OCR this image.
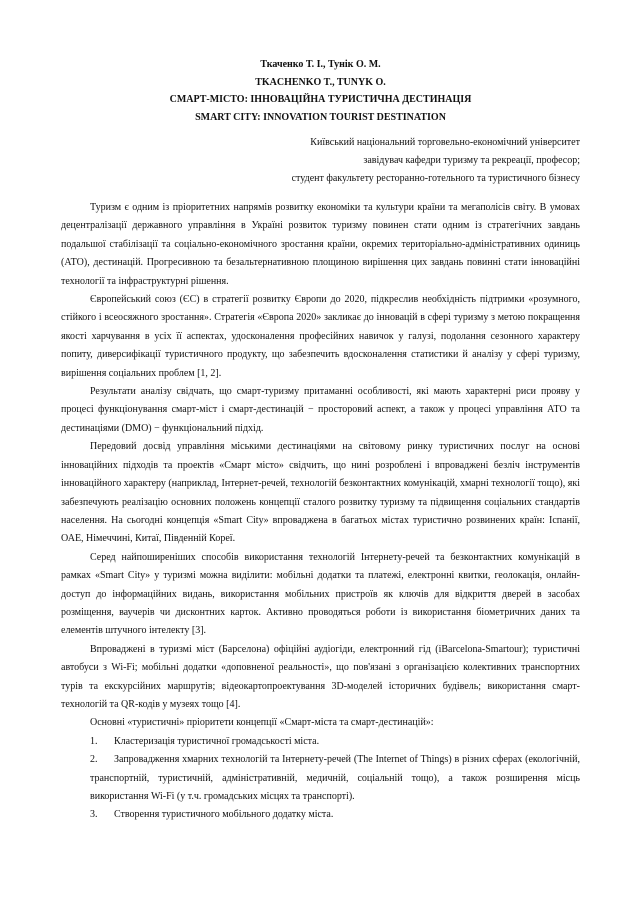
Ткаченко Т. І., Тунік О. М.
TKACHENKO T., TUNYK O.
СМАРТ-МІСТО: ІННОВАЦІЙНА ТУРИСТИЧНА ДЕСТИНАЦІЯ
SMART CITY: INNOVATION TOURIST DESTINATION
Київський національний торговельно-економічний університет
завідувач кафедри туризму та рекреації, професор;
студент факультету ресторанно-готельного та туристичного бізнесу

Туризм є одним із пріоритетних напрямів розвитку економіки та культури країни та мегаполісів світу. В умовах децентралізації державного управління в Україні розвиток туризму повинен стати одним із стратегічних завдань подальшої стабілізації та соціально-економічного зростання країни, окремих територіально-адміністративних одиниць (АТО), дестинацій. Прогресивною та безальтернативною площиною вирішення цих завдань повинні стати інноваційні технології та інфраструктурні рішення.

Європейський союз (ЄС) в стратегії розвитку Європи до 2020, підкреслив необхідність підтримки «розумного, стійкого і всеосяжного зростання». Стратегія «Європа 2020» закликає до інновацій в сфері туризму з метою покращення якості харчування в усіх її аспектах, удосконалення професійних навичок у галузі, подолання сезонного характеру попиту, диверсифікації туристичного продукту, що забезпечить вдосконалення статистики й аналізу у сфері туризму, вирішення соціальних проблем [1, 2].

Результати аналізу свідчать, що смарт-туризму притаманні особливості, які мають характерні риси прояву у процесі функціонування смарт-міст і смарт-дестинацій − просторовий аспект, а також у процесі управління АТО та дестинаціями (DMO) − функціональний підхід.

Передовий досвід управління міськими дестинаціями на світовому ринку туристичних послуг на основі інноваційних підходів та проектів «Смарт місто» свідчить, що нині розроблені і впроваджені безліч інструментів інноваційного характеру (наприклад, Інтернет-речей, технологій безконтактних комунікацій, хмарні технології тощо), які забезпечують реалізацію основних положень концепції сталого розвитку туризму та підвищення соціальних стандартів населення. На сьогодні концепція «Smart City» впроваджена в багатьох містах туристично розвинених країн: Іспанії, ОАЕ, Німеччині, Китаї, Південній Кореї.

Серед найпоширеніших способів використання технологій Інтернету-речей та безконтактних комунікацій в рамках «Smart City» у туризмі можна виділити: мобільні додатки та платежі, електронні квитки, геолокація, онлайн-доступ до інформаційних видань, використання мобільних пристроїв як ключів для відкриття дверей в засобах розміщення, ваучерів чи дисконтних карток. Активно проводяться роботи із використання біометричних даних та елементів штучного інтелекту [3].

Впроваджені в туризмі міст (Барселона) офіційні аудіогіди, електронний гід (iBarcelona-Smartour); туристичні автобуси з Wi-Fi; мобільні додатки «доповненої реальності», що пов'язані з організацією колективних транспортних турів та екскурсійних маршрутів; відеокартопроектування 3D-моделей історичних будівель; використання смарт-технологій та QR-кодів у музеях тощо [4].

Основні «туристичні» пріоритети концепції «Смарт-міста та смарт-дестинацій»:

1. Кластеризація туристичної громадськості міста.

2. Запровадження хмарних технологій та Інтернету-речей (The Internet of Things) в різних сферах (екологічній, транспортній, туристичній, адміністративній, медичній, соціальній тощо), а також розширення місць використання Wi-Fi (у т.ч. громадських місцях та транспорті).

3. Створення туристичного мобільного додатку міста.
